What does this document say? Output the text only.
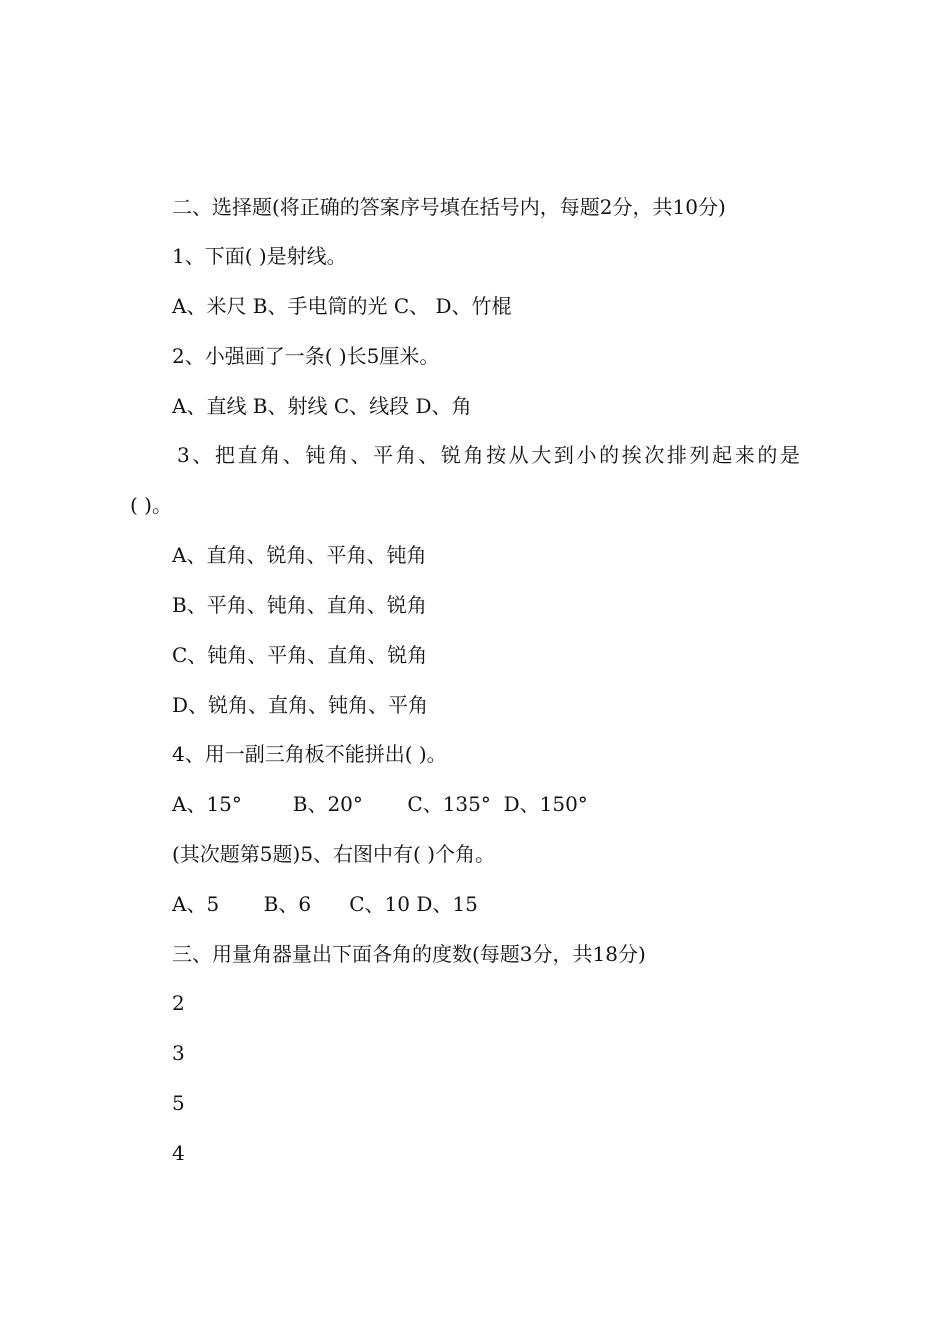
二、选择题(将正确的答案序号填在括号内，每题2分，共10分)
1、下面( )是射线。
A、米尺 B、手电筒的光 C、 D、竹棍
2、小强画了一条( )长5厘米。
A、直线 B、射线 C、线段 D、角
3、把直角、钝角、平角、锐角按从大到小的挨次排列起来的是
( )。
A、直角、锐角、平角、钝角
B、平角、钝角、直角、锐角
C、钝角、平角、直角、锐角
D、锐角、直角、钝角、平角
4、用一副三角板不能拼出( )。
A、15°        B、20°       C、135°  D、150°
(其次题第5题)5、右图中有( )个角。
A、5       B、6      C、10 D、15
三、用量角器量出下面各角的度数(每题3分，共18分)
2
3
5
4
